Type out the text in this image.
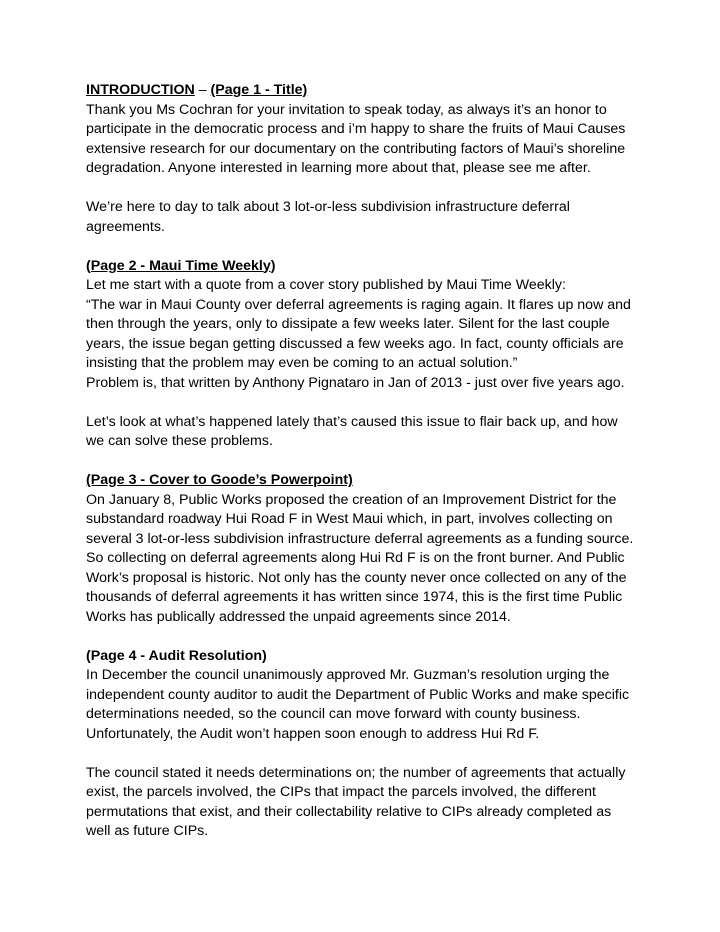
INTRODUCTION – (Page 1 - Title)
Thank you Ms Cochran for your invitation to speak today, as always it’s an honor to
participate in the democratic process and i’m happy to share the fruits of Maui Causes
extensive research for our documentary on the contributing factors of Maui’s shoreline
degradation. Anyone interested in learning more about that, please see me after.
We’re here to day to talk about 3 lot-or-less subdivision infrastructure deferral
agreements.
(Page 2 - Maui Time Weekly)
Let me start with a quote from a cover story published by Maui Time Weekly:
“The war in Maui County over deferral agreements is raging again. It flares up now and
then through the years, only to dissipate a few weeks later. Silent for the last couple
years, the issue began getting discussed a few weeks ago. In fact, county officials are
insisting that the problem may even be coming to an actual solution.”
Problem is, that written by Anthony Pignataro in Jan of 2013 - just over five years ago.
Let’s look at what’s happened lately that’s caused this issue to flair back up, and how
we can solve these problems.
(Page 3 - Cover to Goode’s Powerpoint)
On January 8, Public Works proposed the creation of an Improvement District for the
substandard roadway Hui Road F in West Maui which, in part, involves collecting on
several 3 lot-or-less subdivision infrastructure deferral agreements as a funding source.
So collecting on deferral agreements along Hui Rd F is on the front burner. And Public
Work’s proposal is historic. Not only has the county never once collected on any of the
thousands of deferral agreements it has written since 1974, this is the first time Public
Works has publically addressed the unpaid agreements since 2014.
(Page 4 - Audit Resolution)
In December the council unanimously approved Mr. Guzman’s resolution urging the
independent county auditor to audit the Department of Public Works and make specific
determinations needed, so the council can move forward with county business.
Unfortunately, the Audit won’t happen soon enough to address Hui Rd F.
The council stated it needs determinations on; the number of agreements that actually
exist, the parcels involved, the CIPs that impact the parcels involved, the different
permutations that exist, and their collectability relative to CIPs already completed as
well as future CIPs.
